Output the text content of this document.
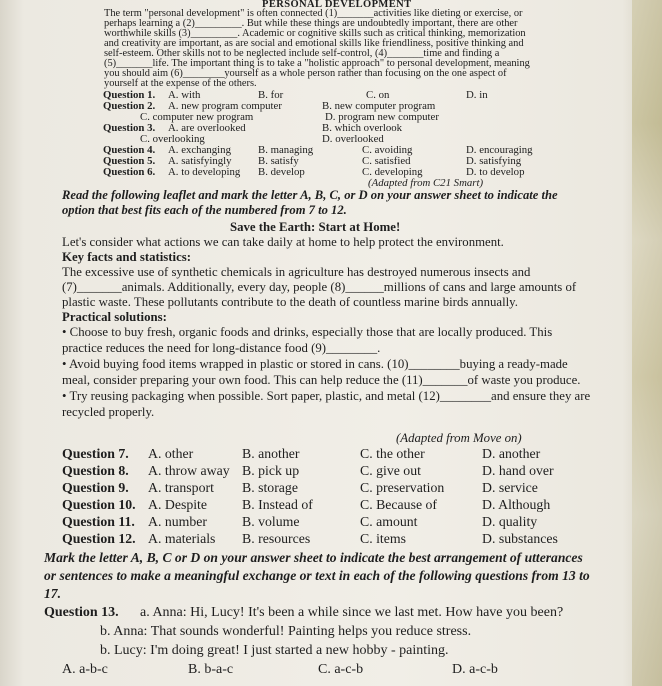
PERSONAL DEVELOPMENT
The term "personal development" is often connected (1)_______activities like dieting or exercise, or
perhaps learning a (2)_________. But while these things are undoubtedly important, there are other
worthwhile skills (3)_________. Academic or cognitive skills such as critical thinking, memorization
and creativity are important, as are social and emotional skills like friendliness, positive thinking and
self-esteem. Other skills not to be neglected include self-control, (4)_______time and finding a
(5)_______life. The important thing is to take a "holistic approach" to personal development, meaning
you should aim (6)________yourself as a whole person rather than focusing on the one aspect of
yourself at the expense of the others.
Question 1. A. with	B. for	C. on	D. in
Question 2. A. new program computer	B. new computer program
C. computer new program	D. program new computer
Question 3. A. are overlooked	B. which overlook
C. overlooking	D. overlooked
Question 4. A. exchanging	B. managing	C. avoiding	D. encouraging
Question 5. A. satisfyingly B. satisfy	C. satisfied	D. satisfying
Question 6. A. to developing B. develop	C. developing	D. to develop
(Adapted from C21 Smart)
Read the following leaflet and mark the letter A, B, C, or D on your answer sheet to indicate the
option that best fits each of the numbered from 7 to 12.
Save the Earth: Start at Home!
Let's consider what actions we can take daily at home to help protect the environment.
Key facts and statistics:
The excessive use of synthetic chemicals in agriculture has destroyed numerous insects and
(7)_______animals. Additionally, every day, people (8)______millions of cans and large amounts of
plastic waste. These pollutants contribute to the death of countless marine birds annually.
Practical solutions:
• Choose to buy fresh, organic foods and drinks, especially those that are locally produced. This
practice reduces the need for long-distance food (9)________.
• Avoid buying food items wrapped in plastic or stored in cans. (10)________buying a ready-made
meal, consider preparing your own food. This can help reduce the (11)_______of waste you produce.
• Try reusing packaging when possible. Sort paper, plastic, and metal (12)________and ensure they are
recycled properly.
(Adapted from Move on)
Question 7. A. other	B. another	C. the other	D. another
Question 8. A. throw away B. pick up	C. give out	D. hand over
Question 9. A. transport B. storage	C. preservation	D. service
Question 10. A. Despite	B. Instead of	C. Because of	D. Although
Question 11. A. number	B. volume	C. amount	D. quality
Question 12. A. materials B. resources	C. items	D. substances
Mark the letter A, B, C or D on your answer sheet to indicate the best arrangement of utterances
or sentences to make a meaningful exchange or text in each of the following questions from 13 to
17.
Question 13. a. Anna: Hi, Lucy! It's been a while since we last met. How have you been?
b. Anna: That sounds wonderful! Painting helps you reduce stress.
b. Lucy: I'm doing great! I just started a new hobby - painting.
A. a-b-c	B. b-a-c	C. a-c-b	D. a-c-b
